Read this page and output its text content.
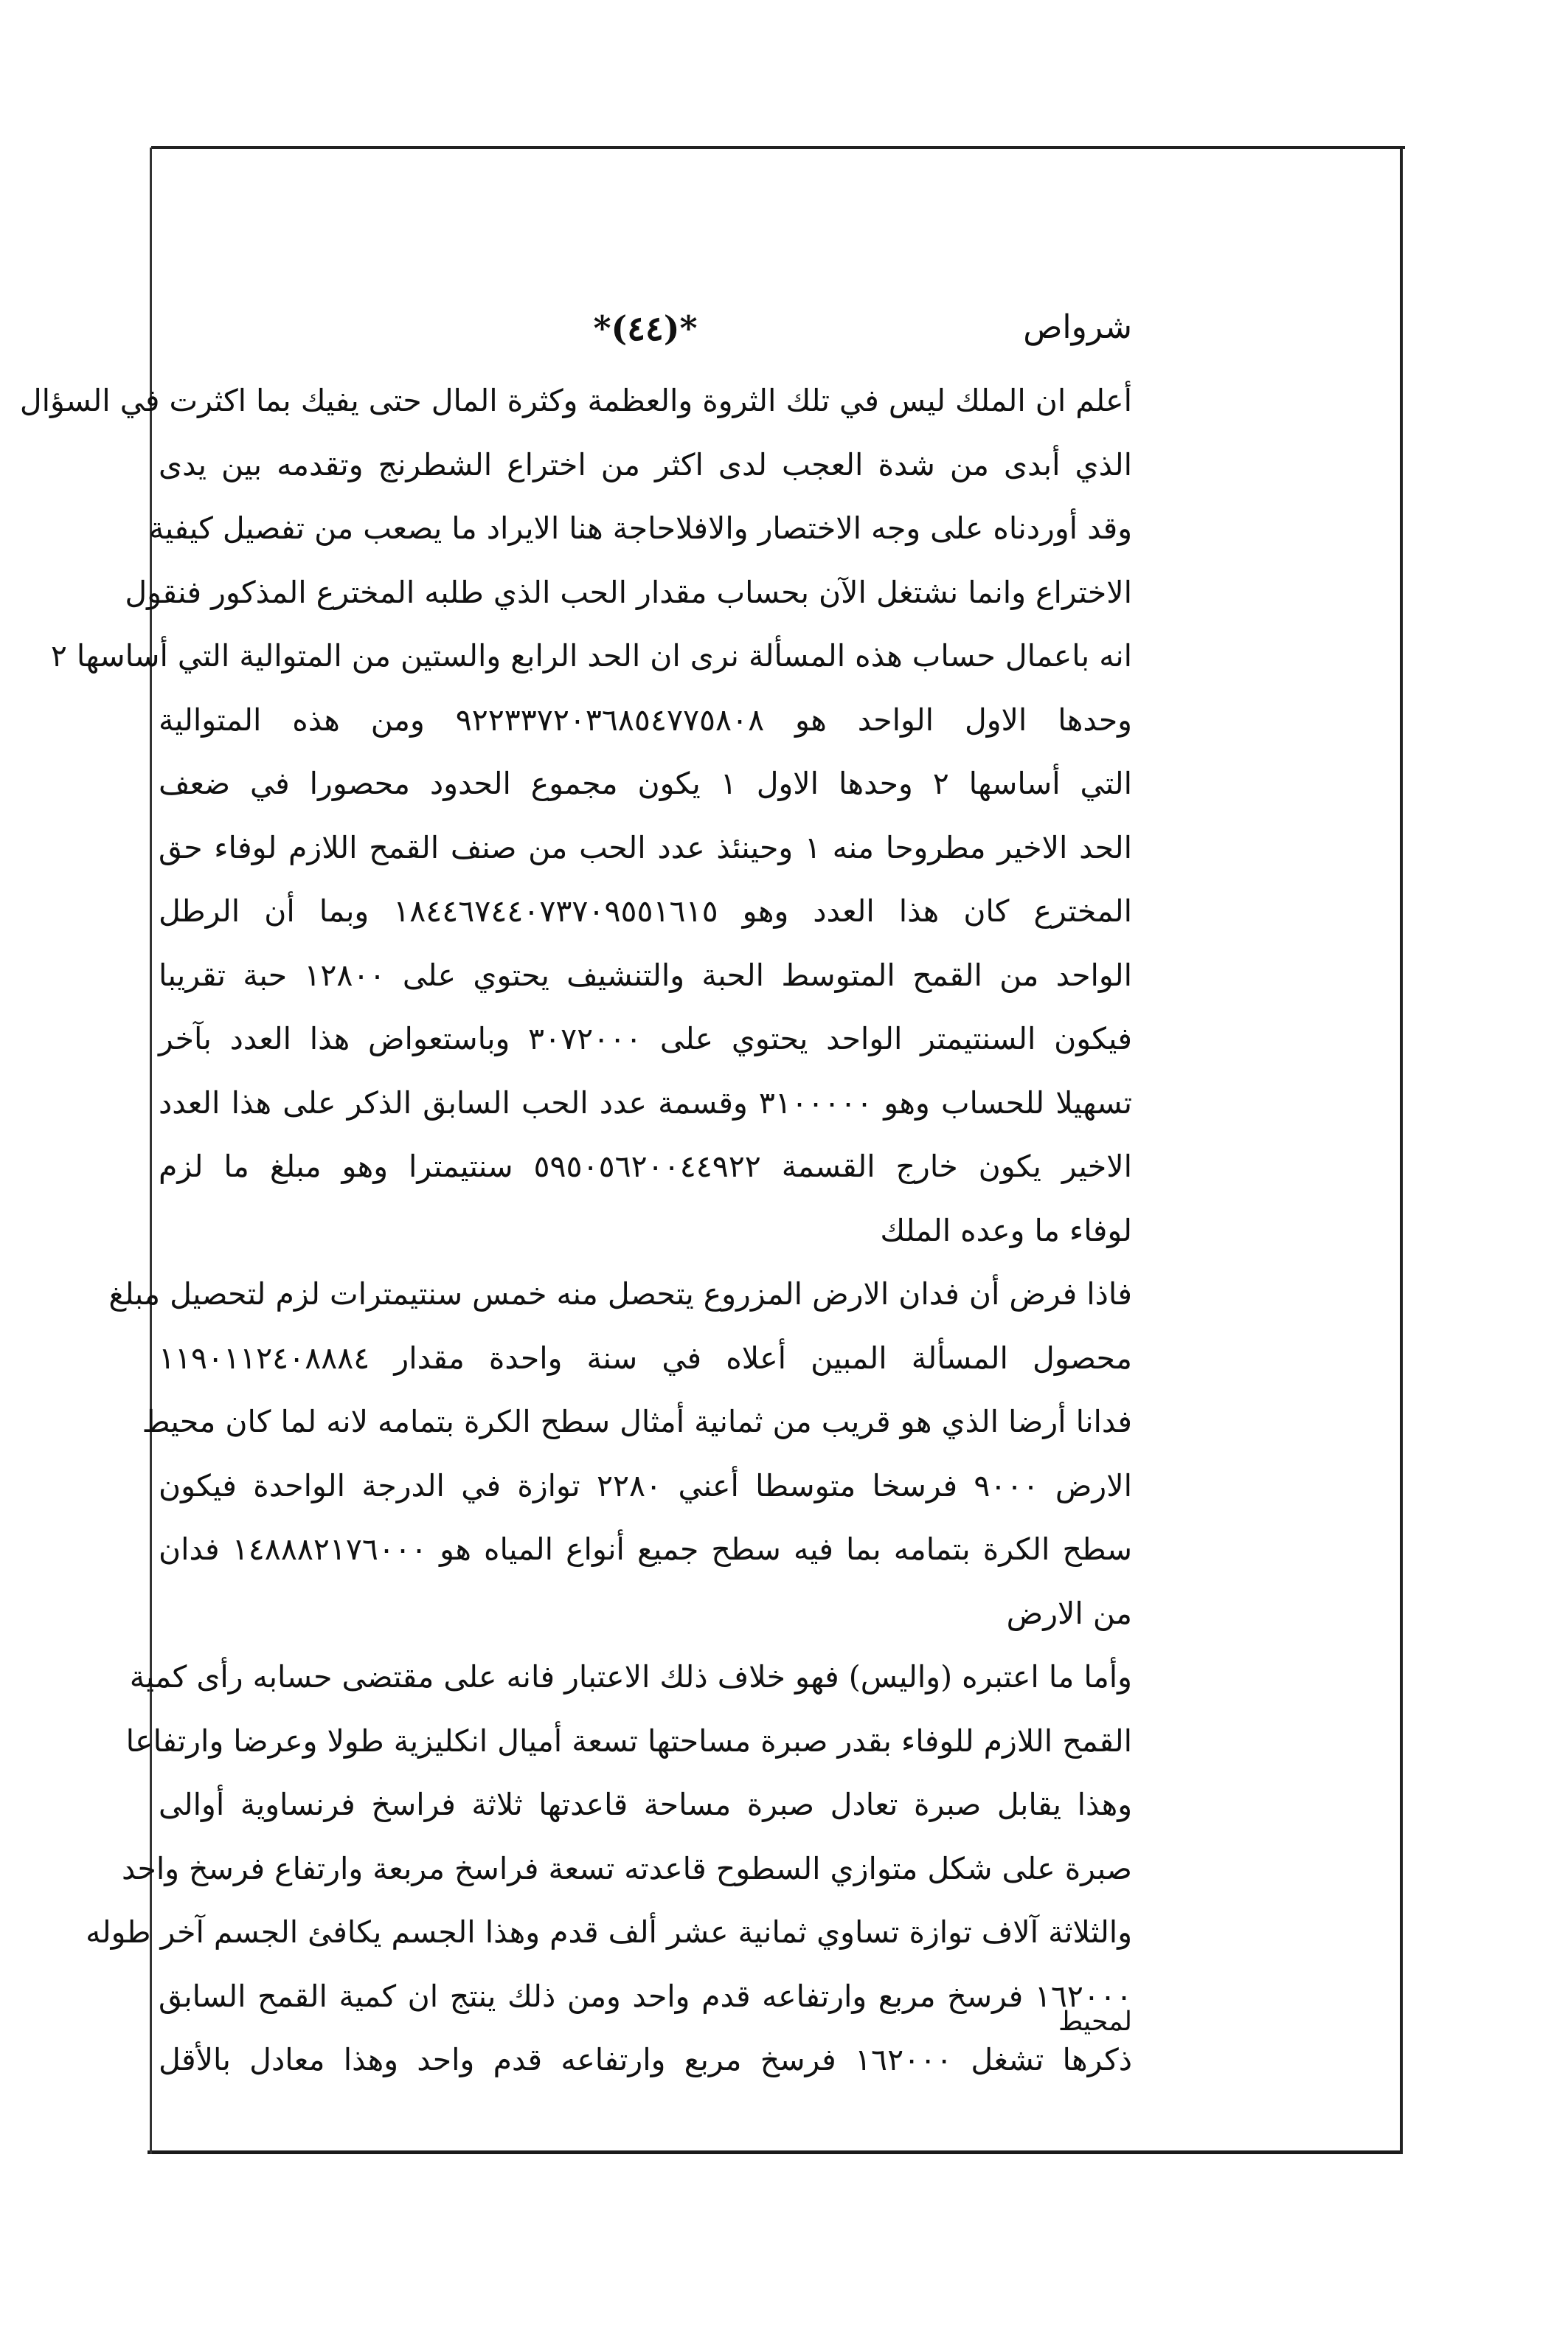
شرواص
*(٤٤)*
أعلم ان الملك ليس في تلك الثروة والعظمة وكثرة المال حتى يفيك بما اكثرت في السؤال
الذي أبدى من شدة العجب لدى اكثر من اختراع الشطرنج وتقدمه بين يدى
وقد أوردناه على وجه الاختصار والافلاحاجة هنا الايراد ما يصعب من تفصيل كيفية
الاختراع وانما نشتغل الآن بحساب مقدار الحب الذي طلبه المخترع المذكور فنقول
انه باعمال حساب هذه المسألة نرى ان الحد الرابع والستين من المتوالية التي أساسها ٢
وحدها الاول الواحد هو ٩٢٢٣٣٧٢٠٣٦٨٥٤٧٧٥٨٠٨ ومن هذه المتوالية
التي أساسها ٢ وحدها الاول ١ يكون مجموع الحدود محصورا في ضعف
الحد الاخير مطروحا منه ١ وحينئذ عدد الحب من صنف القمح اللازم لوفاء حق
المخترع كان هذا العدد وهو ١٨٤٤٦٧٤٤٠٧٣٧٠٩٥٥١٦١٥ وبما أن الرطل
الواحد من القمح المتوسط الحبة والتنشيف يحتوي على ١٢٨٠٠ حبة تقريبا
فيكون السنتيمتر الواحد يحتوي على ٣٠٧٢٠٠٠ وباستعواض هذا العدد بآخر
تسهيلا للحساب وهو ٣١٠٠٠٠٠ وقسمة عدد الحب السابق الذكر على هذا العدد
الاخير يكون خارج القسمة ٥٩٥٠٥٦٢٠٠٤٤٩٢٢ سنتيمترا وهو مبلغ ما لزم
لوفاء ما وعده الملك
فاذا فرض أن فدان الارض المزروع يتحصل منه خمس سنتيمترات لزم لتحصيل مبلغ
محصول المسألة المبين أعلاه في سنة واحدة مقدار ١١٩٠١١٢٤٠٨٨٨٤
فدانا أرضا الذي هو قريب من ثمانية أمثال سطح الكرة بتمامه لانه لما كان محيط
الارض ٩٠٠٠ فرسخا متوسطا أعني ٢٢٨٠ توازة في الدرجة الواحدة فيكون
سطح الكرة بتمامه بما فيه سطح جميع أنواع المياه هو ١٤٨٨٨٢١٧٦٠٠٠ فدان
من الارض
وأما ما اعتبره (واليس) فهو خلاف ذلك الاعتبار فانه على مقتضى حسابه رأى كمية
القمح اللازم للوفاء بقدر صبرة مساحتها تسعة أميال انكليزية طولا وعرضا وارتفاعا
وهذا يقابل صبرة تعادل صبرة مساحة قاعدتها ثلاثة فراسخ فرنساوية أوالى
صبرة على شكل متوازي السطوح قاعدته تسعة فراسخ مربعة وارتفاع فرسخ واحد
والثلاثة آلاف توازة تساوي ثمانية عشر ألف قدم وهذا الجسم يكافئ الجسم آخر طوله
١٦٢٠٠٠ فرسخ مربع وارتفاعه قدم واحد ومن ذلك ينتج ان كمية القمح السابق
ذكرها تشغل ١٦٢٠٠٠ فرسخ مربع وارتفاعه قدم واحد وهذا معادل بالأقل
لمحيط
